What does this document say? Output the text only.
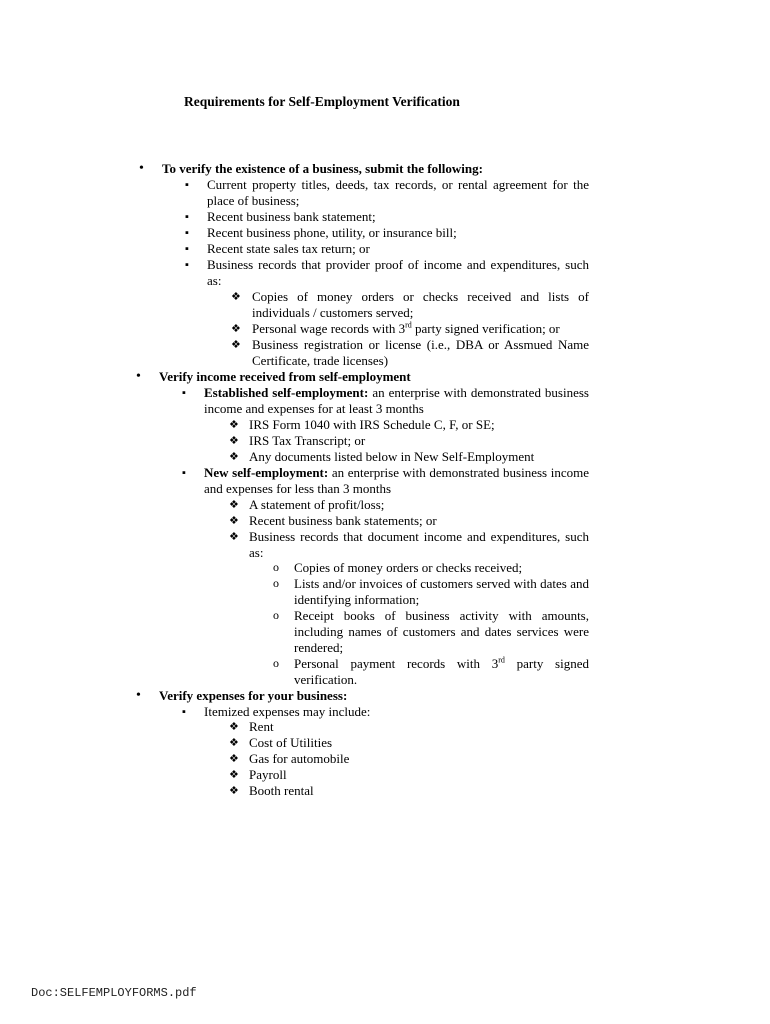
Requirements for Self-Employment Verification
•
To verify the existence of a business, submit the following:
▪
Current property titles, deeds, tax records, or rental agreement for the place of business;
▪
Recent business bank statement;
▪
Recent business phone, utility, or insurance bill;
▪
Recent state sales tax return; or
▪
Business records that provider proof of income and expenditures, such as:
❖
Copies of money orders or checks received and lists of individuals / customers served;
❖
Personal wage records with 3rd party signed verification; or
❖
Business registration or license (i.e., DBA or Assmued Name Certificate, trade licenses)
•
Verify income received from self-employment
▪
Established self-employment: an enterprise with demonstrated business income and expenses for at least 3 months
❖
IRS Form 1040 with IRS Schedule C, F, or SE;
❖
IRS Tax Transcript; or
❖
Any documents listed below in New Self-Employment
▪
New self-employment: an enterprise with demonstrated business income and expenses for less than 3 months
❖
A statement of profit/loss;
❖
Recent business bank statements; or
❖
Business records that document income and expenditures, such as:
o
Copies of money orders or checks received;
o
Lists and/or invoices of customers served with dates and identifying information;
o
Receipt books of business activity with amounts, including names of customers and dates services were rendered;
o
Personal payment records with 3rd party signed verification.
•
Verify expenses for your business:
▪
Itemized expenses may include:
❖
Rent
❖
Cost of Utilities
❖
Gas for automobile
❖
Payroll
❖
Booth rental
Doc:SELFEMPLOYFORMS.pdf
